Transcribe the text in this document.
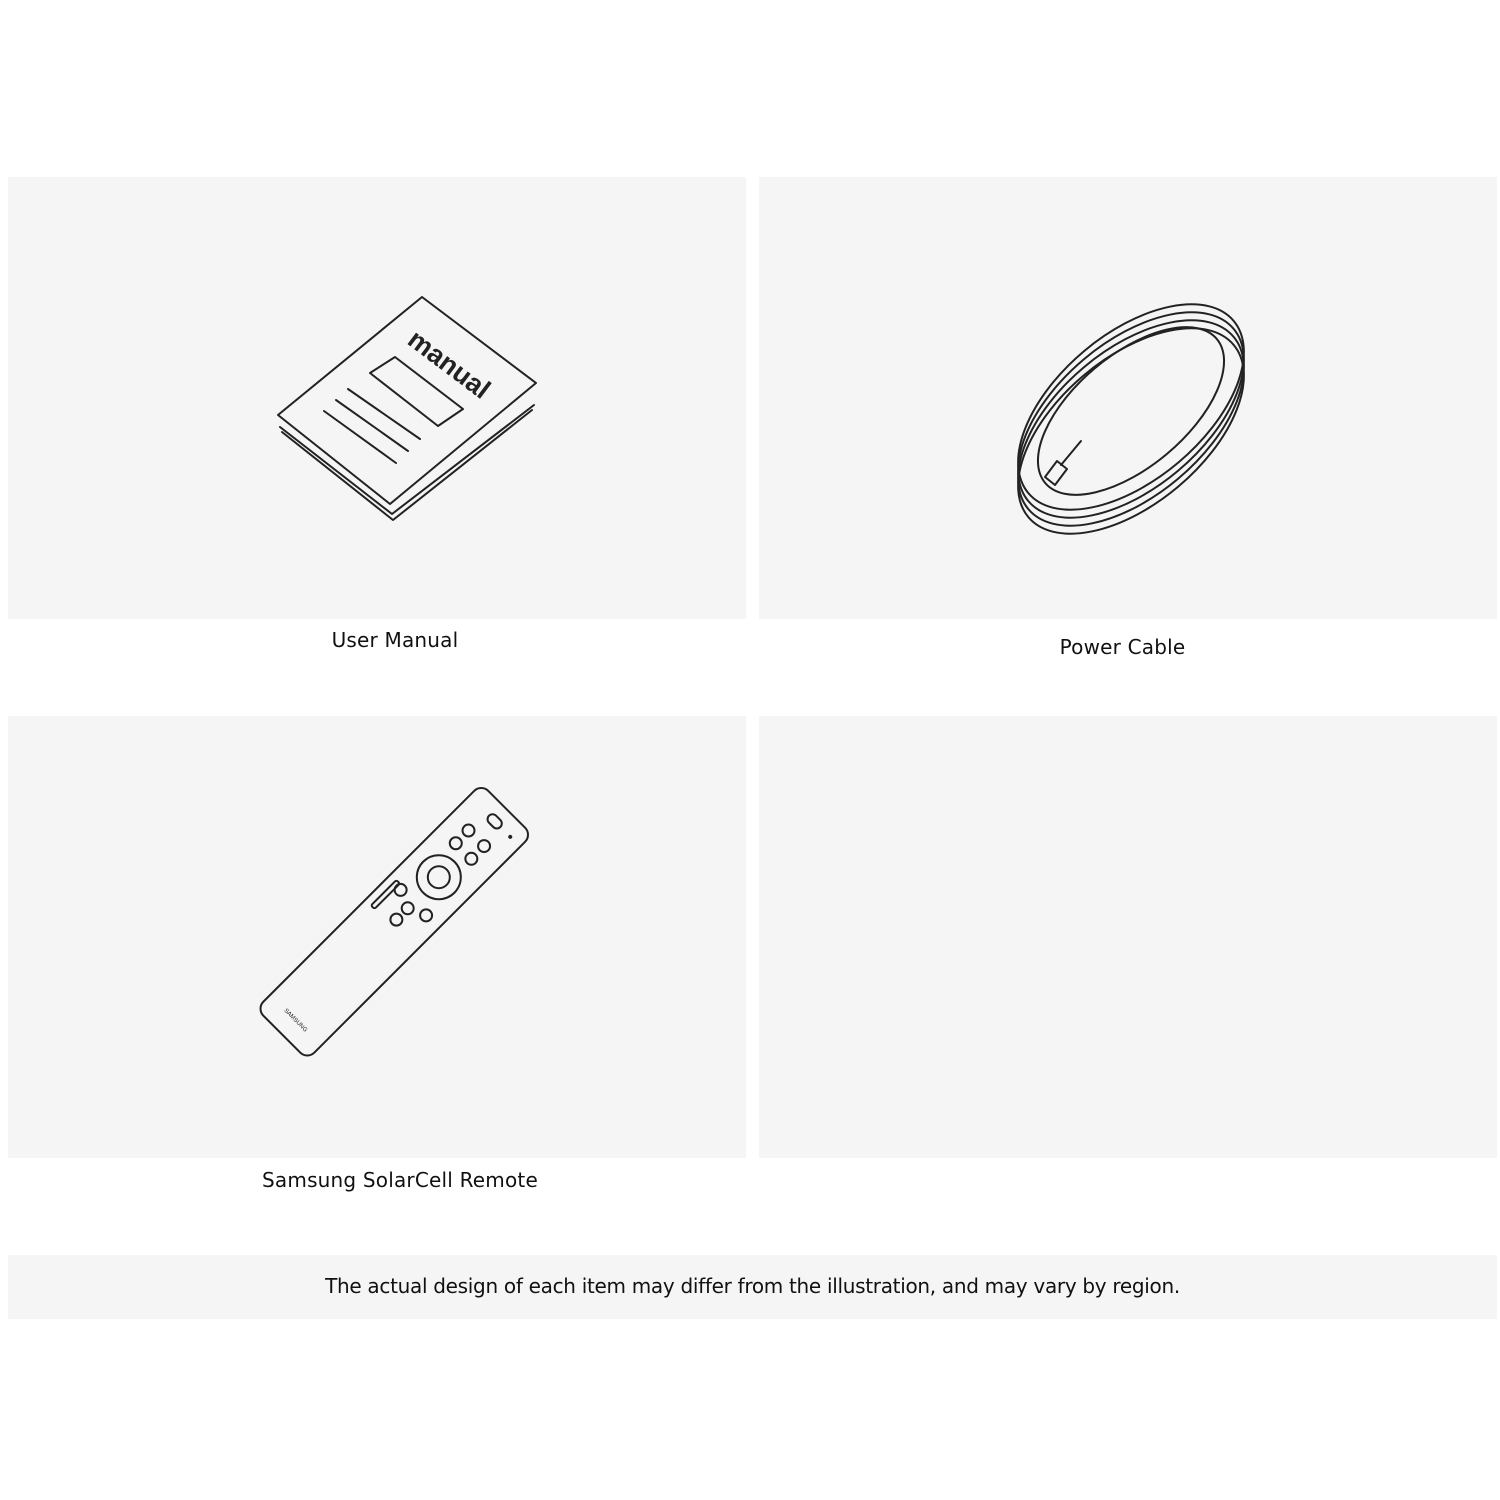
manual
User Manual	Power Cable
SAMSUNG
Samsung SolarCell Remote
The actual design of each item may differ from the illustration, and may vary by region.
